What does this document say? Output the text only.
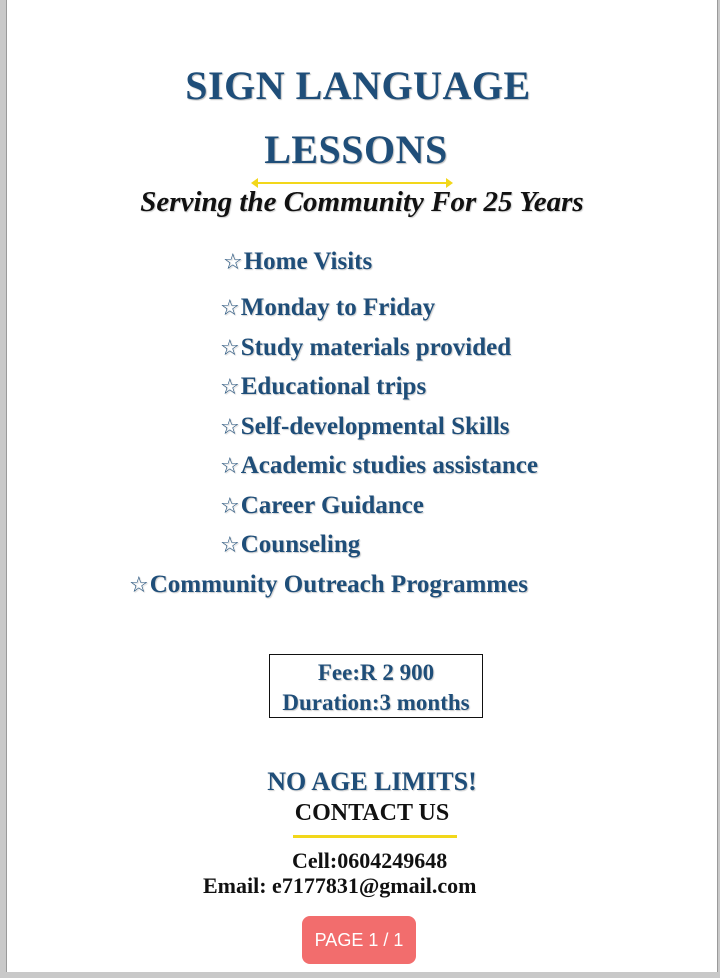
SIGN LANGUAGE
LESSONS
Serving the Community For 25 Years
☆Home Visits
☆Monday to Friday
☆Study materials provided
☆Educational trips
☆Self-developmental Skills
☆Academic studies assistance
☆Career Guidance
☆Counseling
☆Community Outreach Programmes
Fee:R 2 900
Duration:3 months
NO AGE LIMITS!
CONTACT US
Cell:0604249648
Email: e7177831@gmail.com
PAGE 1 / 1
